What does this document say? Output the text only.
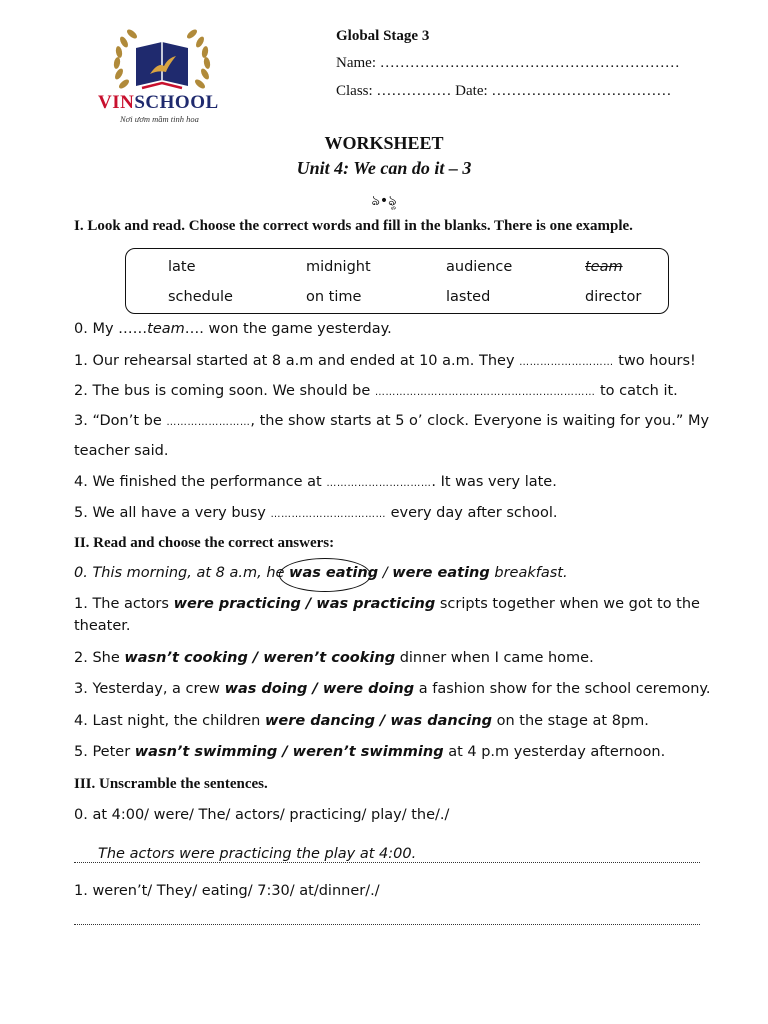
VINSCHOOL
Nơi ươm mầm tinh hoa
Global Stage 3
Name: ……………………………………………………
Class: …………… Date: ………………………………
WORKSHEET
Unit 4: We can do it – 3
ঌ•ৡ
I. Look and read. Choose the correct words and fill in the blanks. There is one example.
late	midnight	audience	team
schedule	on time	lasted	director
0. My ……team…. won the game yesterday.
1. Our rehearsal started at 8 a.m and ended at 10 a.m. They ……………………… two hours!
2. The bus is coming soon. We should be ……………………………………………………… to catch it.
3. “Don’t be ……………………, the show starts at 5 o’ clock. Everyone is waiting for you.” My
teacher said.
4. We finished the performance at …………………………. It was very late.
5. We all have a very busy …………………………… every day after school.
II. Read and choose the correct answers:
0. This morning, at 8 a.m, he was eating / were eating breakfast.
1. The actors were practicing / was practicing scripts together when we got to the
theater.
2. She wasn’t cooking / weren’t cooking dinner when I came home.
3. Yesterday, a crew was doing / were doing a fashion show for the school ceremony.
4. Last night, the children were dancing / was dancing on the stage at 8pm.
5. Peter wasn’t swimming / weren’t swimming at 4 p.m yesterday afternoon.
III. Unscramble the sentences.
0. at 4:00/ were/ The/ actors/ practicing/ play/ the/./
The actors were practicing the play at 4:00.
1. weren’t/ They/ eating/ 7:30/ at/dinner/./
